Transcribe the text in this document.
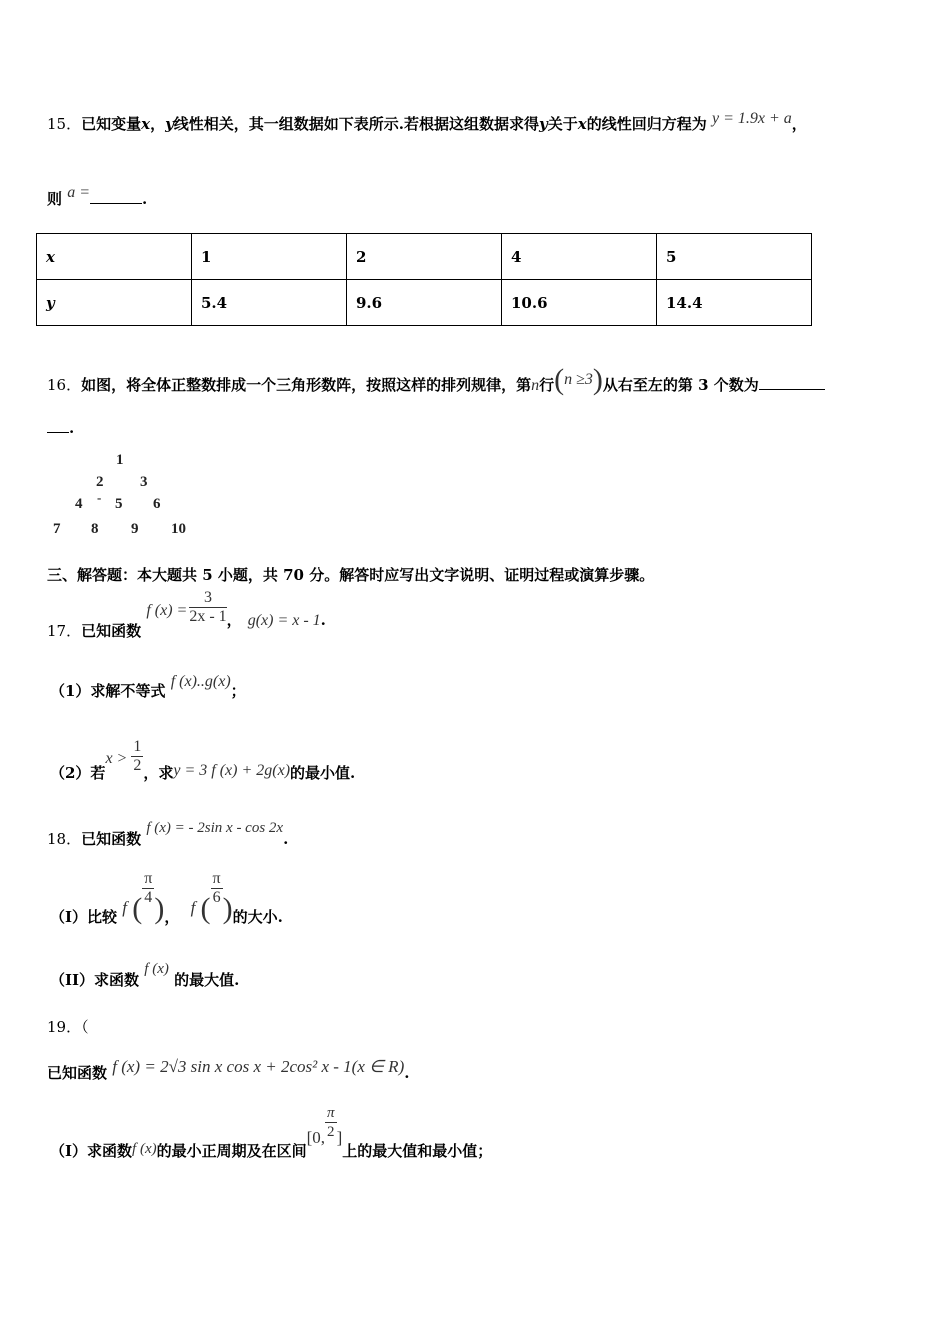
15．已知变量x，y线性相关，其一组数据如下表所示.若根据这组数据求得y关于x的线性回归方程为 y = 1.9x + a，
则 a =	.
x	1	2	4	5
y	5.4	9.6	10.6	14.4
16．如图，将全体正整数排成一个三角形数阵，按照这样的排列规律，第n行(n ≥3)从右至左的第 3 个数为
.
1
2 3
4 - 5 6
7 8 9 10
三、解答题：本大题共 5 小题，共 70 分。解答时应写出文字说明、证明过程或演算步骤。
17．已知函数 f $(x) = \frac{3}{2x - 1}$ ， g(x) = x - 1.
（1）求解不等式 f (x)..g(x)；
（2）若$x > \frac{1}{2}$ ，求y = 3 f (x) + 2g(x)的最小值.
18．已知函数 f (x) = - 2sin x - cos 2x.
（I）比较 f (
$\frac{\pi}{4}$
)， f (
$\frac{\pi}{6}$
)的大小.
（II）求函数 f (x) 的最大值.
19．（
已知函数 f (x) = 2√3 sin x cos x + 2cos² x - 1(x ∈ R).
（I）求函数f (x)的最小正周期及在区间[0, $\frac{\pi}{2}$ ]上的最大值和最小值；
